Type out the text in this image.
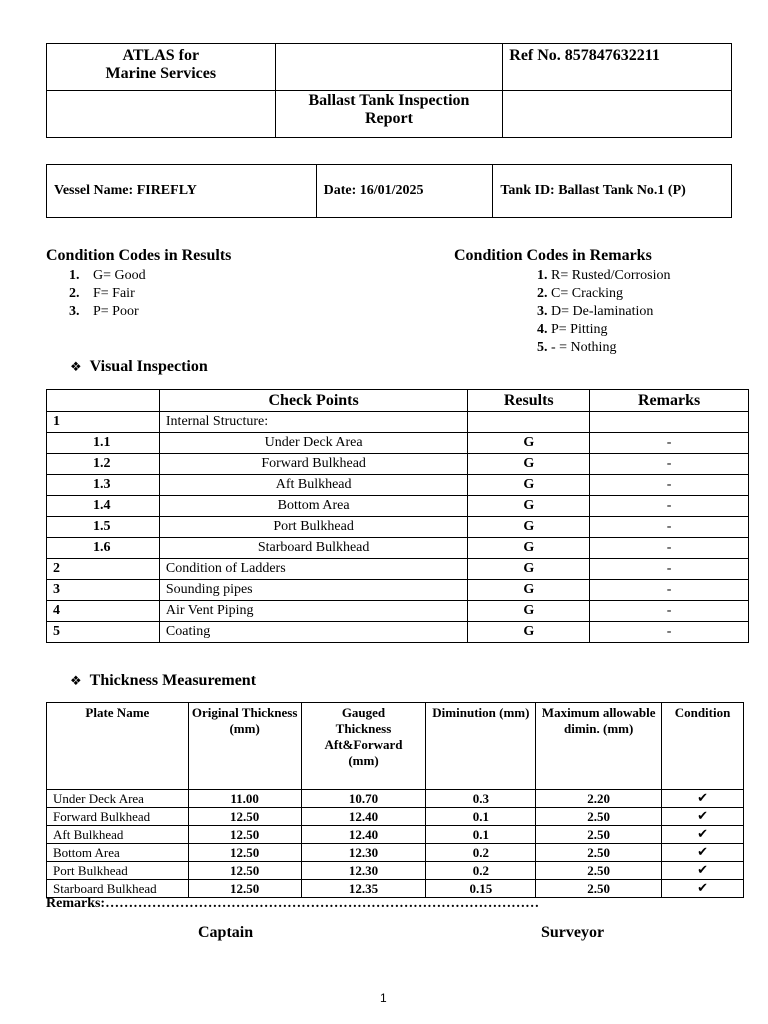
ATLAS for
Marine Services		Ref No. 857847632211

	Ballast Tank Inspection
Report	

Vessel Name: FIREFLY	Date: 16/01/2025	Tank ID: Ballast Tank No.1 (P)
Condition Codes in Results
1. G= Good
2. F= Fair
3. P= Poor
Condition Codes in Remarks
1. R= Rusted/Corrosion
2. C= Cracking
3. D= De-lamination
4. P= Pitting
5. - = Nothing
❖ Visual Inspection
	Check Points	Results	Remarks
1	Internal Structure:		
1.1	Under Deck Area	G	-
1.2	Forward Bulkhead	G	-
1.3	Aft Bulkhead	G	-
1.4	Bottom Area	G	-
1.5	Port Bulkhead	G	-
1.6	Starboard Bulkhead	G	-
2	Condition of Ladders	G	-
3	Sounding pipes	G	-
4	Air Vent Piping	G	-
5	Coating	G	-
❖ Thickness Measurement
Plate Name	Original Thickness (mm)	Gauged Thickness Aft&Forward (mm)	Diminution (mm)	Maximum allowable dimin. (mm)	Condition
Under Deck Area	11.00	10.70	0.3	2.20	✔
Forward Bulkhead	12.50	12.40	0.1	2.50	✔
Aft Bulkhead	12.50	12.40	0.1	2.50	✔
Bottom Area	12.50	12.30	0.2	2.50	✔
Port Bulkhead	12.50	12.30	0.2	2.50	✔
Starboard Bulkhead	12.50	12.35	0.15	2.50	✔
Remarks:…………………………………………………………………………………
Captain	Surveyor
1
